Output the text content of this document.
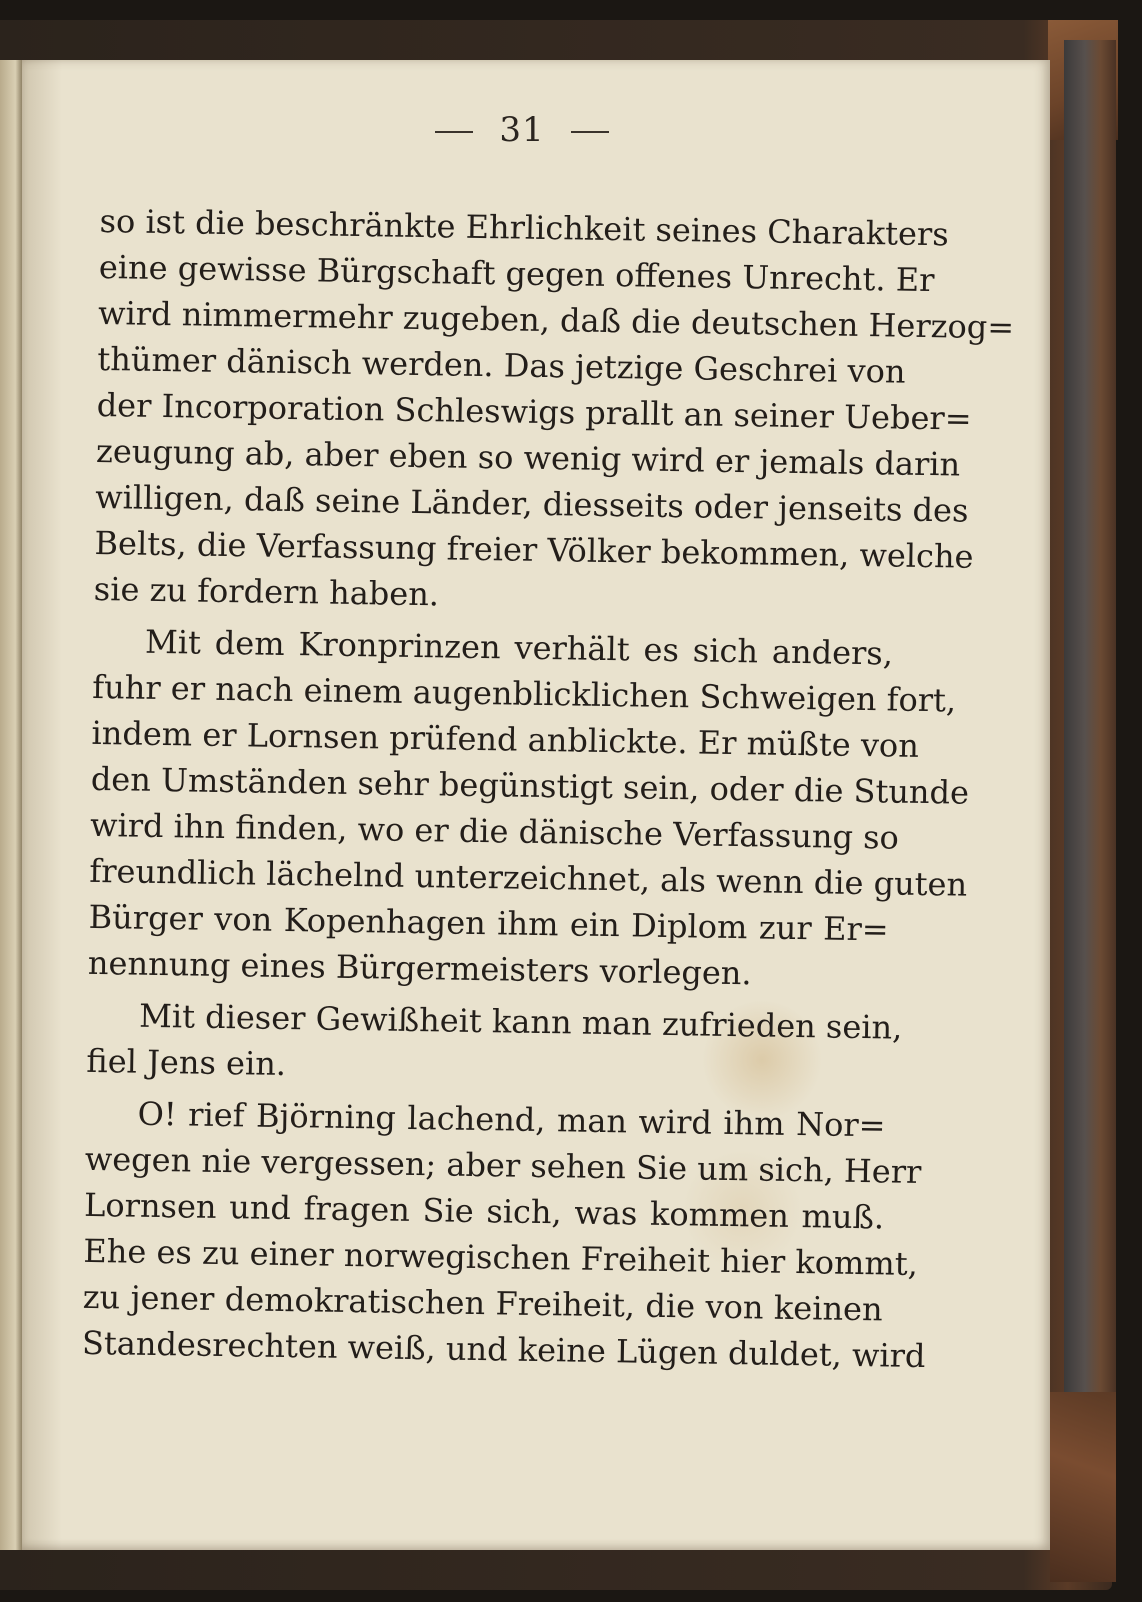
31
so ist die beschränkte Ehrlichkeit seines Charakters
eine gewisse Bürgschaft gegen offenes Unrecht. Er
wird nimmermehr zugeben, daß die deutschen Herzog=
thümer dänisch werden. Das jetzige Geschrei von
der Incorporation Schleswigs prallt an seiner Ueber=
zeugung ab, aber eben so wenig wird er jemals darin
willigen, daß seine Länder, diesseits oder jenseits des
Belts, die Verfassung freier Völker bekommen, welche
sie zu fordern haben.
Mit dem Kronprinzen verhält es sich anders,
fuhr er nach einem augenblicklichen Schweigen fort,
indem er Lornsen prüfend anblickte. Er müßte von
den Umständen sehr begünstigt sein, oder die Stunde
wird ihn finden, wo er die dänische Verfassung so
freundlich lächelnd unterzeichnet, als wenn die guten
Bürger von Kopenhagen ihm ein Diplom zur Er=
nennung eines Bürgermeisters vorlegen.
Mit dieser Gewißheit kann man zufrieden sein,
fiel Jens ein.
O! rief Björning lachend, man wird ihm Nor=
wegen nie vergessen; aber sehen Sie um sich, Herr
Lornsen und fragen Sie sich, was kommen muß.
Ehe es zu einer norwegischen Freiheit hier kommt,
zu jener demokratischen Freiheit, die von keinen
Standesrechten weiß, und keine Lügen duldet, wird
